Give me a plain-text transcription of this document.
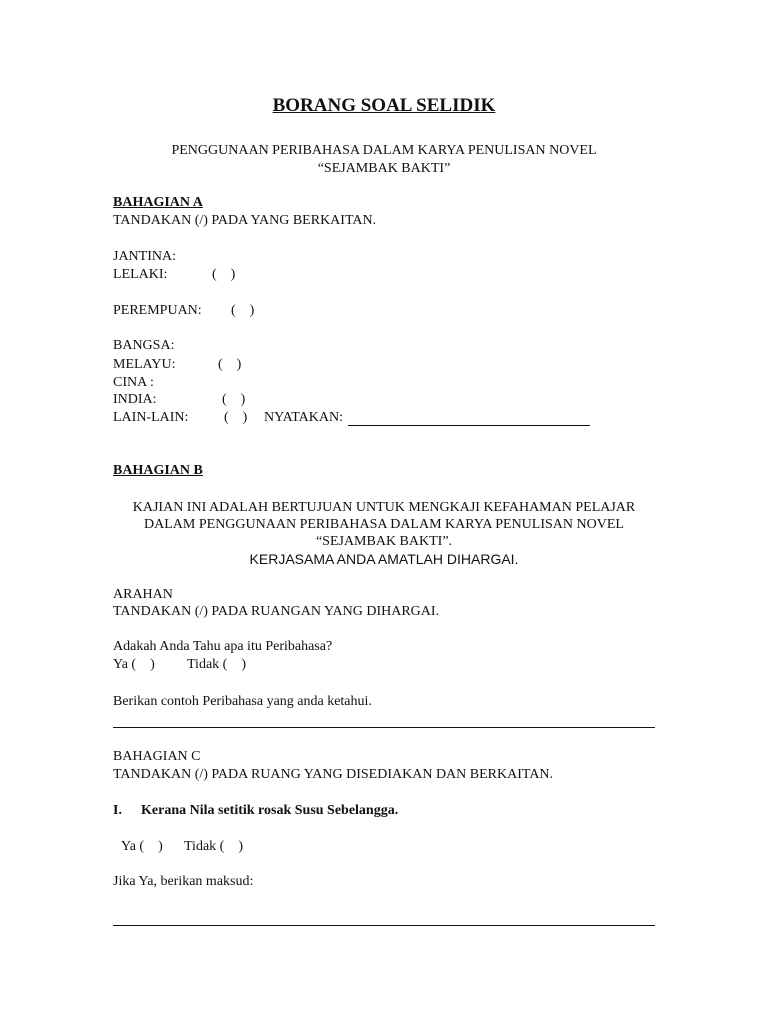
BORANG SOAL SELIDIK
PENGGUNAAN PERIBAHASA DALAM KARYA PENULISAN NOVEL
“SEJAMBAK BAKTI”
BAHAGIAN A
TANDAKAN (/) PADA YANG BERKAITAN.
JANTINA:
LELAKI:	(    )
PEREMPUAN: (    )
BANGSA:
MELAYU:	(    )
CINA :
INDIA:	(    )
LAIN-LAIN:	(    ) NYATAKAN:
BAHAGIAN B
KAJIAN INI ADALAH BERTUJUAN UNTUK MENGKAJI KEFAHAMAN PELAJAR
DALAM PENGGUNAAN PERIBAHASA DALAM KARYA PENULISAN NOVEL
“SEJAMBAK BAKTI”.
KERJASAMA ANDA AMATLAH DIHARGAI.
ARAHAN
TANDAKAN (/) PADA RUANGAN YANG DIHARGAI.
Adakah Anda Tahu apa itu Peribahasa?
Ya (    ) Tidak (    )
Berikan contoh Peribahasa yang anda ketahui.
BAHAGIAN C
TANDAKAN (/) PADA RUANG YANG DISEDIAKAN DAN BERKAITAN.
I. Kerana Nila setitik rosak Susu Sebelangga.
Ya (    ) Tidak (    )
Jika Ya, berikan maksud:
